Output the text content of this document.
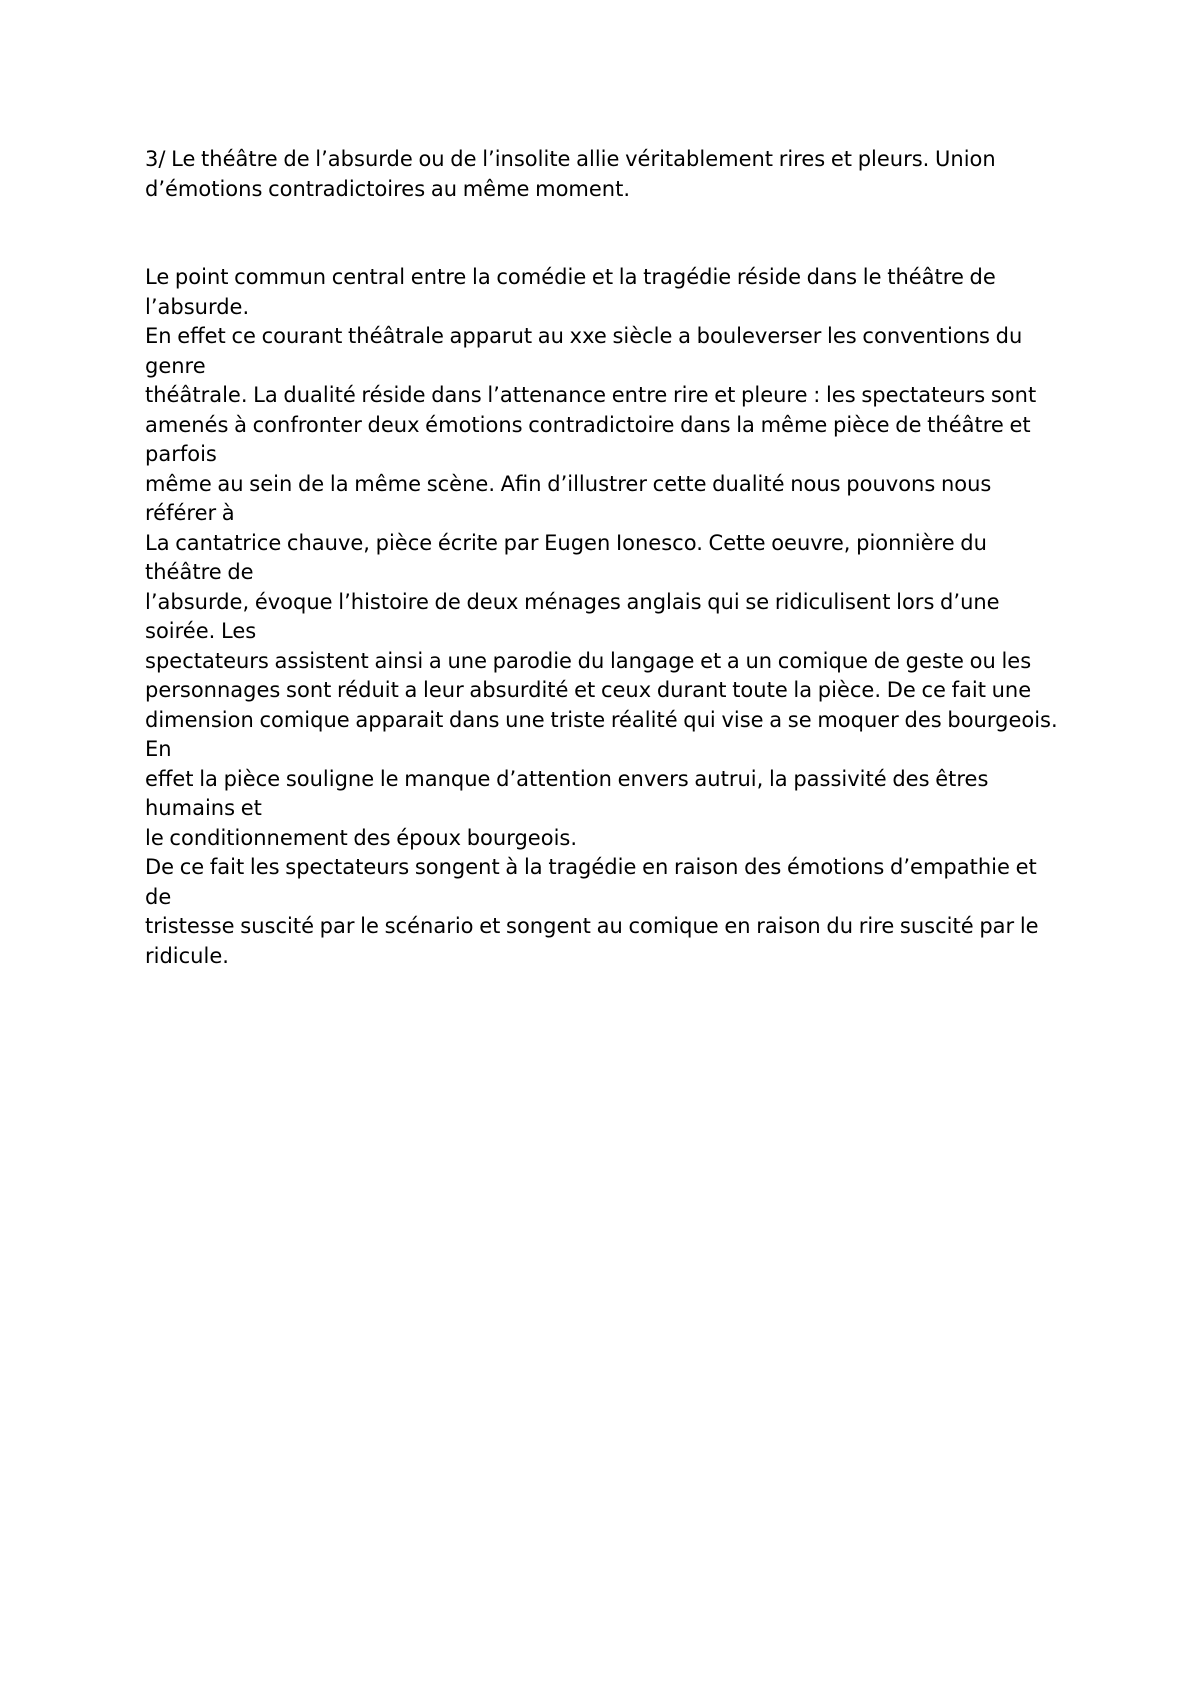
3/ Le théâtre de l’absurde ou de l’insolite allie véritablement rires et pleurs. Union
d’émotions contradictoires au même moment.

Le point commun central entre la comédie et la tragédie réside dans le théâtre de l’absurde.
En effet ce courant théâtrale apparut au xxe siècle a bouleverser les conventions du genre
théâtrale. La dualité réside dans l’attenance entre rire et pleure : les spectateurs sont
amenés à confronter deux émotions contradictoire dans la même pièce de théâtre et parfois
même au sein de la même scène. Afin d’illustrer cette dualité nous pouvons nous référer à
La cantatrice chauve, pièce écrite par Eugen Ionesco. Cette oeuvre, pionnière du théâtre de
l’absurde, évoque l’histoire de deux ménages anglais qui se ridiculisent lors d’une soirée. Les
spectateurs assistent ainsi a une parodie du langage et a un comique de geste ou les
personnages sont réduit a leur absurdité et ceux durant toute la pièce. De ce fait une
dimension comique apparait dans une triste réalité qui vise a se moquer des bourgeois. En
effet la pièce souligne le manque d’attention envers autrui, la passivité des êtres humains et
le conditionnement des époux bourgeois.

De ce fait les spectateurs songent à la tragédie en raison des émotions d’empathie et de
tristesse suscité par le scénario et songent au comique en raison du rire suscité par le
ridicule.
